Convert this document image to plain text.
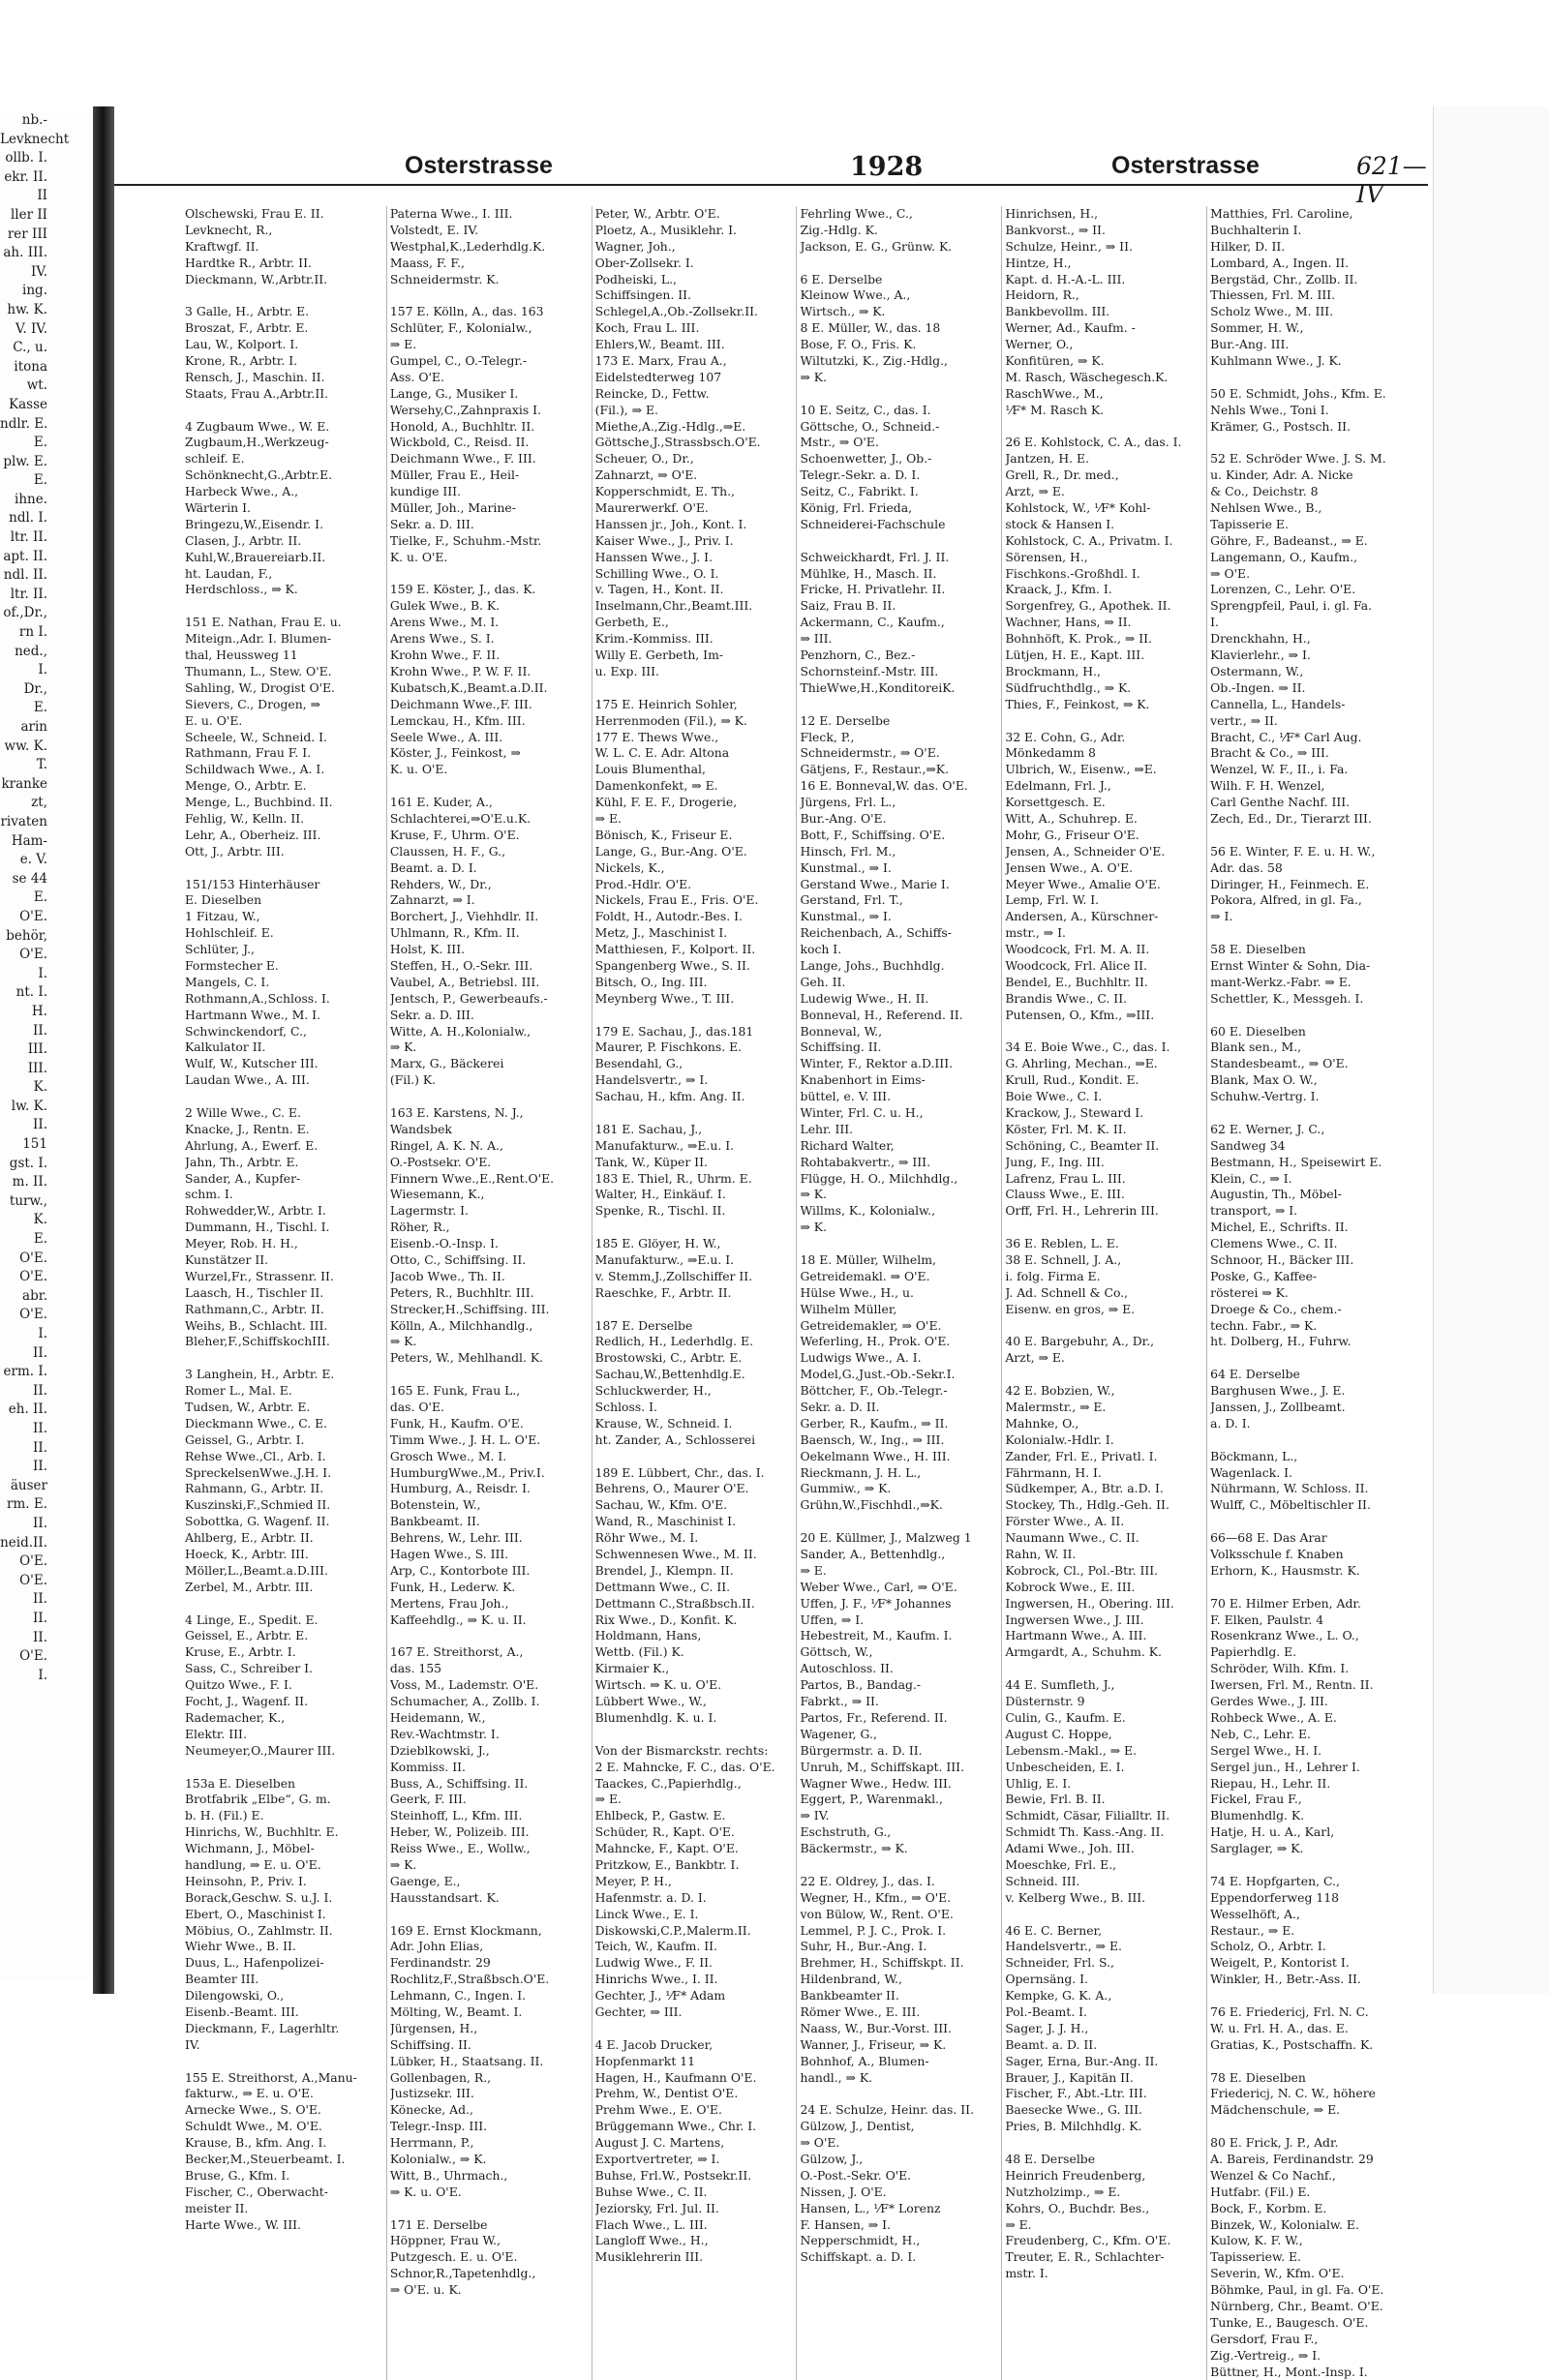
nb.-
Levknecht
ollb. I.
ekr. II.
II
ller II
rer III
ah. III.
IV.
ing.
hw. K.
V. IV.
C., u.
itona
wt.
Kasse
ndlr. E.
E.
plw. E.
E.
ihne.
ndl. I.
ltr. II.
apt. II.
ndl. II.
ltr. II.
of.,Dr.,
rn I.
ned.,
I.
Dr.,
E.
arin
ww. K.
T.
kranke
zt,
rivaten
Ham-
e. V.
se 44
E.
O'E.
behör,
O'E.
I.
nt. I.
H.
II.
III.
III.
K.
lw. K.
II.
151
gst. I.
m. II.
turw.,
K.
E.
O'E.
O'E.
abr.
O'E.
I.
II.
erm. I.
II.
eh. II.
II.
II.
II.
äuser
rm. E.
II.
neid.II.
O'E.
O'E.
II.
II.
II.
O'E.
I.
Osterstrasse	1928	Osterstrasse	621—IV
Olschewski, Frau E. II.
Levknecht, R.,
Kraftwgf. II.
Hardtke R., Arbtr. II.
Dieckmann, W.,Arbtr.II.
3 Galle, H., Arbtr. E.
Broszat, F., Arbtr. E.
Lau, W., Kolport. I.
Krone, R., Arbtr. I.
Rensch, J., Maschin. II.
Staats, Frau A.,Arbtr.II.
4 Zugbaum Wwe., W. E.
Zugbaum,H.,Werkzeug-
schleif. E.
Schönknecht,G.,Arbtr.E.
Harbeck Wwe., A.,
Wärterin I.
Bringezu,W.,Eisendr. I.
Clasen, J., Arbtr. II.
Kuhl,W.,Brauereiarb.II.
ht. Laudan, F.,
Herdschloss., ⇒ K.
151 E. Nathan, Frau E. u.
Miteign.,Adr. I. Blumen-
thal, Heussweg 11
Thumann, L., Stew. O'E.
Sahling, W., Drogist O'E.
Sievers, C., Drogen, ⇒
E. u. O'E.
Scheele, W., Schneid. I.
Rathmann, Frau F. I.
Schildwach Wwe., A. I.
Menge, O., Arbtr. E.
Menge, L., Buchbind. II.
Fehlig, W., Kelln. II.
Lehr, A., Oberheiz. III.
Ott, J., Arbtr. III.
151/153 Hinterhäuser
E. Dieselben
1 Fitzau, W.,
Hohlschleif. E.
Schlüter, J.,
Formstecher E.
Mangels, C. I.
Rothmann,A.,Schloss. I.
Hartmann Wwe., M. I.
Schwinckendorf, C.,
Kalkulator II.
Wulf, W., Kutscher III.
Laudan Wwe., A. III.
2 Wille Wwe., C. E.
Knacke, J., Rentn. E.
Ahrlung, A., Ewerf. E.
Jahn, Th., Arbtr. E.
Sander, A., Kupfer-
schm. I.
Rohwedder,W., Arbtr. I.
Dummann, H., Tischl. I.
Meyer, Rob. H. H.,
Kunstätzer II.
Wurzel,Fr., Strassenr. II.
Laasch, H., Tischler II.
Rathmann,C., Arbtr. II.
Weihs, B., Schlacht. III.
Bleher,F.,SchiffskochIII.
3 Langhein, H., Arbtr. E.
Romer L., Mal. E.
Tudsen, W., Arbtr. E.
Dieckmann Wwe., C. E.
Geissel, G., Arbtr. I.
Rehse Wwe.,Cl., Arb. I.
SpreckelsenWwe.,J.H. I.
Rahmann, G., Arbtr. II.
Kuszinski,F.,Schmied II.
Sobottka, G. Wagenf. II.
Ahlberg, E., Arbtr. II.
Hoeck, K., Arbtr. III.
Möller,L.,Beamt.a.D.III.
Zerbel, M., Arbtr. III.
4 Linge, E., Spedit. E.
Geissel, E., Arbtr. E.
Kruse, E., Arbtr. I.
Sass, C., Schreiber I.
Quitzo Wwe., F. I.
Focht, J., Wagenf. II.
Rademacher, K.,
Elektr. III.
Neumeyer,O.,Maurer III.
153a E. Dieselben
Brotfabrik „Elbe“, G. m.
b. H. (Fil.) E.
Hinrichs, W., Buchhltr. E.
Wichmann, J., Möbel-
handlung, ⇒ E. u. O'E.
Heinsohn, P., Priv. I.
Borack,Geschw. S. u.J. I.
Ebert, O., Maschinist I.
Möbius, O., Zahlmstr. II.
Wiehr Wwe., B. II.
Duus, L., Hafenpolizei-
Beamter III.
Dilengowski, O.,
Eisenb.-Beamt. III.
Dieckmann, F., Lagerhltr.
IV.
155 E. Streithorst, A.,Manu-
fakturw., ⇒ E. u. O'E.
Arnecke Wwe., S. O'E.
Schuldt Wwe., M. O'E.
Krause, B., kfm. Ang. I.
Becker,M.,Steuerbeamt. I.
Bruse, G., Kfm. I.
Fischer, C., Oberwacht-
meister II.
Harte Wwe., W. III.
Paterna Wwe., I. III.
Volstedt, E. IV.
Westphal,K.,Lederhdlg.K.
Maass, F. F.,
Schneidermstr. K.
157 E. Kölln, A., das. 163
Schlüter, F., Kolonialw.,
⇒ E.
Gumpel, C., O.-Telegr.-
Ass. O'E.
Lange, G., Musiker I.
Wersehy,C.,Zahnpraxis I.
Honold, A., Buchhltr. II.
Wickbold, C., Reisd. II.
Deichmann Wwe., F. III.
Müller, Frau E., Heil-
kundige III.
Müller, Joh., Marine-
Sekr. a. D. III.
Tielke, F., Schuhm.-Mstr.
K. u. O'E.
159 E. Köster, J., das. K.
Gulek Wwe., B. K.
Arens Wwe., M. I.
Arens Wwe., S. I.
Krohn Wwe., F. II.
Krohn Wwe., P. W. F. II.
Kubatsch,K.,Beamt.a.D.II.
Deichmann Wwe.,F. III.
Lemckau, H., Kfm. III.
Seele Wwe., A. III.
Köster, J., Feinkost, ⇒
K. u. O'E.
161 E. Kuder, A.,
Schlachterei,⇒O'E.u.K.
Kruse, F., Uhrm. O'E.
Claussen, H. F., G.,
Beamt. a. D. I.
Rehders, W., Dr.,
Zahnarzt, ⇒ I.
Borchert, J., Viehhdlr. II.
Uhlmann, R., Kfm. II.
Holst, K. III.
Steffen, H., O.-Sekr. III.
Vaubel, A., Betriebsl. III.
Jentsch, P., Gewerbeaufs.-
Sekr. a. D. III.
Witte, A. H.,Kolonialw.,
⇒ K.
Marx, G., Bäckerei
(Fil.) K.
163 E. Karstens, N. J.,
Wandsbek
Ringel, A. K. N. A.,
O.-Postsekr. O'E.
Finnern Wwe.,E.,Rent.O'E.
Wiesemann, K.,
Lagermstr. I.
Röher, R.,
Eisenb.-O.-Insp. I.
Otto, C., Schiffsing. II.
Jacob Wwe., Th. II.
Peters, R., Buchhltr. III.
Strecker,H.,Schiffsing. III.
Kölln, A., Milchhandlg.,
⇒ K.
Peters, W., Mehlhandl. K.
165 E. Funk, Frau L.,
das. O'E.
Funk, H., Kaufm. O'E.
Timm Wwe., J. H. L. O'E.
Grosch Wwe., M. I.
HumburgWwe.,M., Priv.I.
Humburg, A., Reisdr. I.
Botenstein, W.,
Bankbeamt. II.
Behrens, W., Lehr. III.
Hagen Wwe., S. III.
Arp, C., Kontorbote III.
Funk, H., Lederw. K.
Mertens, Frau Joh.,
Kaffeehdlg., ⇒ K. u. II.
167 E. Streithorst, A.,
das. 155
Voss, M., Lademstr. O'E.
Schumacher, A., Zollb. I.
Heidemann, W.,
Rev.-Wachtmstr. I.
Dzieblkowski, J.,
Kommiss. II.
Buss, A., Schiffsing. II.
Geerk, F. III.
Steinhoff, L., Kfm. III.
Heber, W., Polizeib. III.
Reiss Wwe., E., Wollw.,
⇒ K.
Gaenge, E.,
Hausstandsart. K.
169 E. Ernst Klockmann,
Adr. John Elias,
Ferdinandstr. 29
Rochlitz,F.,Straßbsch.O'E.
Lehmann, C., Ingen. I.
Mölting, W., Beamt. I.
Jürgensen, H.,
Schiffsing. II.
Lübker, H., Staatsang. II.
Gollenbagen, R.,
Justizsekr. III.
Könecke, Ad.,
Telegr.-Insp. III.
Herrmann, P.,
Kolonialw., ⇒ K.
Witt, B., Uhrmach.,
⇒ K. u. O'E.
171 E. Derselbe
Höppner, Frau W.,
Putzgesch. E. u. O'E.
Schnor,R.,Tapetenhdlg.,
⇒ O'E. u. K.
Peter, W., Arbtr. O'E.
Ploetz, A., Musiklehr. I.
Wagner, Joh.,
Ober-Zollsekr. I.
Podheiski, L.,
Schiffsingen. II.
Schlegel,A.,Ob.-Zollsekr.II.
Koch, Frau L. III.
Ehlers,W., Beamt. III.
173 E. Marx, Frau A.,
Eidelstedterweg 107
Reincke, D., Fettw.
(Fil.), ⇒ E.
Miethe,A.,Zig.-Hdlg.,⇒E.
Göttsche,J.,Strassbsch.O'E.
Scheuer, O., Dr.,
Zahnarzt, ⇒ O'E.
Kopperschmidt, E. Th.,
Maurerwerkf. O'E.
Hanssen jr., Joh., Kont. I.
Kaiser Wwe., J., Priv. I.
Hanssen Wwe., J. I.
Schilling Wwe., O. I.
v. Tagen, H., Kont. II.
Inselmann,Chr.,Beamt.III.
Gerbeth, E.,
Krim.-Kommiss. III.
Willy E. Gerbeth, Im-
u. Exp. III.
175 E. Heinrich Sohler,
Herrenmoden (Fil.), ⇒ K.
177 E. Thews Wwe.,
W. L. C. E. Adr. Altona
Louis Blumenthal,
Damenkonfekt, ⇒ E.
Kühl, F. E. F., Drogerie,
⇒ E.
Bönisch, K., Friseur E.
Lange, G., Bur.-Ang. O'E.
Nickels, K.,
Prod.-Hdlr. O'E.
Nickels, Frau E., Fris. O'E.
Foldt, H., Autodr.-Bes. I.
Metz, J., Maschinist I.
Matthiesen, F., Kolport. II.
Spangenberg Wwe., S. II.
Bitsch, O., Ing. III.
Meynberg Wwe., T. III.
179 E. Sachau, J., das.181
Maurer, P. Fischkons. E.
Besendahl, G.,
Handelsvertr., ⇒ I.
Sachau, H., kfm. Ang. II.
181 E. Sachau, J.,
Manufakturw., ⇒E.u. I.
Tank, W., Küper II.
183 E. Thiel, R., Uhrm. E.
Walter, H., Einkäuf. I.
Spenke, R., Tischl. II.
185 E. Glöyer, H. W.,
Manufakturw., ⇒E.u. I.
v. Stemm,J.,Zollschiffer II.
Raeschke, F., Arbtr. II.
187 E. Derselbe
Redlich, H., Lederhdlg. E.
Brostowski, C., Arbtr. E.
Sachau,W.,Bettenhdlg.E.
Schluckwerder, H.,
Schloss. I.
Krause, W., Schneid. I.
ht. Zander, A., Schlosserei
189 E. Lübbert, Chr., das. I.
Behrens, O., Maurer O'E.
Sachau, W., Kfm. O'E.
Wand, R., Maschinist I.
Röhr Wwe., M. I.
Schwennesen Wwe., M. II.
Brendel, J., Klempn. II.
Dettmann Wwe., C. II.
Dettmann C.,Straßbsch.II.
Rix Wwe., D., Konfit. K.
Holdmann, Hans,
Wettb. (Fil.) K.
Kirmaier K.,
Wirtsch. ⇒ K. u. O'E.
Lübbert Wwe., W.,
Blumenhdlg. K. u. I.
Von der Bismarckstr. rechts:
2 E. Mahncke, F. C., das. O'E.
Taackes, C.,Papierhdlg.,
⇒ E.
Ehlbeck, P., Gastw. E.
Schüder, R., Kapt. O'E.
Mahncke, F., Kapt. O'E.
Pritzkow, E., Bankbtr. I.
Meyer, P. H.,
Hafenmstr. a. D. I.
Linck Wwe., E. I.
Diskowski,C.P.,Malerm.II.
Teich, W., Kaufm. II.
Ludwig Wwe., F. II.
Hinrichs Wwe., I. II.
Gechter, J., ⅟F* Adam
Gechter, ⇒ III.
4 E. Jacob Drucker,
Hopfenmarkt 11
Hagen, H., Kaufmann O'E.
Prehm, W., Dentist O'E.
Prehm Wwe., E. O'E.
Brüggemann Wwe., Chr. I.
August J. C. Martens,
Exportvertreter, ⇒ I.
Buhse, Frl.W., Postsekr.II.
Buhse Wwe., C. II.
Jeziorsky, Frl. Jul. II.
Flach Wwe., L. III.
Langloff Wwe., H.,
Musiklehrerin III.
Fehrling Wwe., C.,
Zig.-Hdlg. K.
Jackson, E. G., Grünw. K.
6 E. Derselbe
Kleinow Wwe., A.,
Wirtsch., ⇒ K.
8 E. Müller, W., das. 18
Bose, F. O., Fris. K.
Wiltutzki, K., Zig.-Hdlg.,
⇒ K.
10 E. Seitz, C., das. I.
Göttsche, O., Schneid.-
Mstr., ⇒ O'E.
Schoenwetter, J., Ob.-
Telegr.-Sekr. a. D. I.
Seitz, C., Fabrikt. I.
König, Frl. Frieda,
Schneiderei-Fachschule
Schweickhardt, Frl. J. II.
Mühlke, H., Masch. II.
Fricke, H. Privatlehr. II.
Saiz, Frau B. II.
Ackermann, C., Kaufm.,
⇒ III.
Penzhorn, C., Bez.-
Schornsteinf.-Mstr. III.
ThieWwe,H.,KonditoreiK.
12 E. Derselbe
Fleck, P.,
Schneidermstr., ⇒ O'E.
Gätjens, F., Restaur.,⇒K.
16 E. Bonneval,W. das. O'E.
Jürgens, Frl. L.,
Bur.-Ang. O'E.
Bott, F., Schiffsing. O'E.
Hinsch, Frl. M.,
Kunstmal., ⇒ I.
Gerstand Wwe., Marie I.
Gerstand, Frl. T.,
Kunstmal., ⇒ I.
Reichenbach, A., Schiffs-
koch I.
Lange, Johs., Buchhdlg.
Geh. II.
Ludewig Wwe., H. II.
Bonneval, H., Referend. II.
Bonneval, W.,
Schiffsing. II.
Winter, F., Rektor a.D.III.
Knabenhort in Eims-
büttel, e. V. III.
Winter, Frl. C. u. H.,
Lehr. III.
Richard Walter,
Rohtabakvertr., ⇒ III.
Flügge, H. O., Milchhdlg.,
⇒ K.
Willms, K., Kolonialw.,
⇒ K.
18 E. Müller, Wilhelm,
Getreidemakl. ⇒ O'E.
Hülse Wwe., H., u.
Wilhelm Müller,
Getreidemakler, ⇒ O'E.
Weferling, H., Prok. O'E.
Ludwigs Wwe., A. I.
Model,G.,Just.-Ob.-Sekr.I.
Böttcher, F., Ob.-Telegr.-
Sekr. a. D. II.
Gerber, R., Kaufm., ⇒ II.
Baensch, W., Ing., ⇒ III.
Oekelmann Wwe., H. III.
Rieckmann, J. H. L.,
Gummiw., ⇒ K.
Grühn,W.,Fischhdl.,⇒K.
20 E. Küllmer, J., Malzweg 1
Sander, A., Bettenhdlg.,
⇒ E.
Weber Wwe., Carl, ⇒ O'E.
Uffen, J. F., ⅟F* Johannes
Uffen, ⇒ I.
Hebestreit, M., Kaufm. I.
Göttsch, W.,
Autoschloss. II.
Partos, B., Bandag.-
Fabrkt., ⇒ II.
Partos, Fr., Referend. II.
Wagener, G.,
Bürgermstr. a. D. II.
Unruh, M., Schiffskapt. III.
Wagner Wwe., Hedw. III.
Eggert, P., Warenmakl.,
⇒ IV.
Eschstruth, G.,
Bäckermstr., ⇒ K.
22 E. Oldrey, J., das. I.
Wegner, H., Kfm., ⇒ O'E.
von Bülow, W., Rent. O'E.
Lemmel, P. J. C., Prok. I.
Suhr, H., Bur.-Ang. I.
Brehmer, H., Schiffskpt. II.
Hildenbrand, W.,
Bankbeamter II.
Römer Wwe., E. III.
Naass, W., Bur.-Vorst. III.
Wanner, J., Friseur, ⇒ K.
Bohnhof, A., Blumen-
handl., ⇒ K.
24 E. Schulze, Heinr. das. II.
Gülzow, J., Dentist,
⇒ O'E.
Gülzow, J.,
O.-Post.-Sekr. O'E.
Nissen, J. O'E.
Hansen, L., ⅟F* Lorenz
F. Hansen, ⇒ I.
Nepperschmidt, H.,
Schiffskapt. a. D. I.
Hinrichsen, H.,
Bankvorst., ⇒ II.
Schulze, Heinr., ⇒ II.
Hintze, H.,
Kapt. d. H.-A.-L. III.
Heidorn, R.,
Bankbevollm. III.
Werner, Ad., Kaufm. -
Werner, O.,
Konfitüren, ⇒ K.
M. Rasch, Wäschegesch.K.
RaschWwe., M.,
⅟F* M. Rasch K.
26 E. Kohlstock, C. A., das. I.
Jantzen, H. E.
Grell, R., Dr. med.,
Arzt, ⇒ E.
Kohlstock, W., ⅟F* Kohl-
stock & Hansen I.
Kohlstock, C. A., Privatm. I.
Sörensen, H.,
Fischkons.-Großhdl. I.
Kraack, J., Kfm. I.
Sorgenfrey, G., Apothek. II.
Wachner, Hans, ⇒ II.
Bohnhöft, K. Prok., ⇒ II.
Lütjen, H. E., Kapt. III.
Brockmann, H.,
Südfruchthdlg., ⇒ K.
Thies, F., Feinkost, ⇒ K.
32 E. Cohn, G., Adr.
Mönkedamm 8
Ulbrich, W., Eisenw., ⇒E.
Edelmann, Frl. J.,
Korsettgesch. E.
Witt, A., Schuhrep. E.
Mohr, G., Friseur O'E.
Jensen, A., Schneider O'E.
Jensen Wwe., A. O'E.
Meyer Wwe., Amalie O'E.
Lemp, Frl. W. I.
Andersen, A., Kürschner-
mstr., ⇒ I.
Woodcock, Frl. M. A. II.
Woodcock, Frl. Alice II.
Bendel, E., Buchhltr. II.
Brandis Wwe., C. II.
Putensen, O., Kfm., ⇒III.
34 E. Boie Wwe., C., das. I.
G. Ahrling, Mechan., ⇒E.
Krull, Rud., Kondit. E.
Boie Wwe., C. I.
Krackow, J., Steward I.
Köster, Frl. M. K. II.
Schöning, C., Beamter II.
Jung, F., Ing. III.
Lafrenz, Frau L. III.
Clauss Wwe., E. III.
Orff, Frl. H., Lehrerin III.
36 E. Reblen, L. E.
38 E. Schnell, J. A.,
i. folg. Firma E.
J. Ad. Schnell & Co.,
Eisenw. en gros, ⇒ E.
40 E. Bargebuhr, A., Dr.,
Arzt, ⇒ E.
42 E. Bobzien, W.,
Malermstr., ⇒ E.
Mahnke, O.,
Kolonialw.-Hdlr. I.
Zander, Frl. E., Privatl. I.
Fährmann, H. I.
Südkemper, A., Btr. a.D. I.
Stockey, Th., Hdlg.-Geh. II.
Förster Wwe., A. II.
Naumann Wwe., C. II.
Rahn, W. II.
Kobrock, Cl., Pol.-Btr. III.
Kobrock Wwe., E. III.
Ingwersen, H., Obering. III.
Ingwersen Wwe., J. III.
Hartmann Wwe., A. III.
Armgardt, A., Schuhm. K.
44 E. Sumfleth, J.,
Düsternstr. 9
Culin, G., Kaufm. E.
August C. Hoppe,
Lebensm.-Makl., ⇒ E.
Unbescheiden, E. I.
Uhlig, E. I.
Bewie, Frl. B. II.
Schmidt, Cäsar, Filialltr. II.
Schmidt Th. Kass.-Ang. II.
Adami Wwe., Joh. III.
Moeschke, Frl. E.,
Schneid. III.
v. Kelberg Wwe., B. III.
46 E. C. Berner,
Handelsvertr., ⇒ E.
Schneider, Frl. S.,
Opernsäng. I.
Kempke, G. K. A.,
Pol.-Beamt. I.
Sager, J. J. H.,
Beamt. a. D. II.
Sager, Erna, Bur.-Ang. II.
Brauer, J., Kapitän II.
Fischer, F., Abt.-Ltr. III.
Baesecke Wwe., G. III.
Pries, B. Milchhdlg. K.
48 E. Derselbe
Heinrich Freudenberg,
Nutzholzimp., ⇒ E.
Kohrs, O., Buchdr. Bes.,
⇒ E.
Freudenberg, C., Kfm. O'E.
Treuter, E. R., Schlachter-
mstr. I.
Matthies, Frl. Caroline,
Buchhalterin I.
Hilker, D. II.
Lombard, A., Ingen. II.
Bergstäd, Chr., Zollb. II.
Thiessen, Frl. M. III.
Scholz Wwe., M. III.
Sommer, H. W.,
Bur.-Ang. III.
Kuhlmann Wwe., J. K.
50 E. Schmidt, Johs., Kfm. E.
Nehls Wwe., Toni I.
Krämer, G., Postsch. II.
52 E. Schröder Wwe. J. S. M.
u. Kinder, Adr. A. Nicke
& Co., Deichstr. 8
Nehlsen Wwe., B.,
Tapisserie E.
Göhre, F., Badeanst., ⇒ E.
Langemann, O., Kaufm.,
⇒ O'E.
Lorenzen, C., Lehr. O'E.
Sprengpfeil, Paul, i. gl. Fa.
I.
Drenckhahn, H.,
Klavierlehr., ⇒ I.
Ostermann, W.,
Ob.-Ingen. ⇒ II.
Cannella, L., Handels-
vertr., ⇒ II.
Bracht, C., ⅟F* Carl Aug.
Bracht & Co., ⇒ III.
Wenzel, W. F., II., i. Fa.
Wilh. F. H. Wenzel,
Carl Genthe Nachf. III.
Zech, Ed., Dr., Tierarzt III.
56 E. Winter, F. E. u. H. W.,
Adr. das. 58
Diringer, H., Feinmech. E.
Pokora, Alfred, in gl. Fa.,
⇒ I.
58 E. Dieselben
Ernst Winter & Sohn, Dia-
mant-Werkz.-Fabr. ⇒ E.
Schettler, K., Messgeh. I.
60 E. Dieselben
Blank sen., M.,
Standesbeamt., ⇒ O'E.
Blank, Max O. W.,
Schuhw.-Vertrg. I.
62 E. Werner, J. C.,
Sandweg 34
Bestmann, H., Speisewirt E.
Klein, C., ⇒ I.
Augustin, Th., Möbel-
transport, ⇒ I.
Michel, E., Schrifts. II.
Clemens Wwe., C. II.
Schnoor, H., Bäcker III.
Poske, G., Kaffee-
rösterei ⇒ K.
Droege & Co., chem.-
techn. Fabr., ⇒ K.
ht. Dolberg, H., Fuhrw.
64 E. Derselbe
Barghusen Wwe., J. E.
Janssen, J., Zollbeamt.
a. D. I.
Böckmann, L.,
Wagenlack. I.
Nührmann, W. Schloss. II.
Wulff, C., Möbeltischler II.
66—68 E. Das Arar
Volksschule f. Knaben
Erhorn, K., Hausmstr. K.
70 E. Hilmer Erben, Adr.
F. Elken, Paulstr. 4
Rosenkranz Wwe., L. O.,
Papierhdlg. E.
Schröder, Wilh. Kfm. I.
Iwersen, Frl. M., Rentn. II.
Gerdes Wwe., J. III.
Rohbeck Wwe., A. E.
Neb, C., Lehr. E.
Sergel Wwe., H. I.
Sergel jun., H., Lehrer I.
Riepau, H., Lehr. II.
Fickel, Frau F.,
Blumenhdlg. K.
Hatje, H. u. A., Karl,
Sarglager, ⇒ K.
74 E. Hopfgarten, C.,
Eppendorferweg 118
Wesselhöft, A.,
Restaur., ⇒ E.
Scholz, O., Arbtr. I.
Weigelt, P., Kontorist I.
Winkler, H., Betr.-Ass. II.
76 E. Friedericj, Frl. N. C.
W. u. Frl. H. A., das. E.
Gratias, K., Postschaffn. K.
78 E. Dieselben
Friedericj, N. C. W., höhere
Mädchenschule, ⇒ E.
80 E. Frick, J. P., Adr.
A. Bareis, Ferdinandstr. 29
Wenzel & Co Nachf.,
Hutfabr. (Fil.) E.
Bock, F., Korbm. E.
Binzek, W., Kolonialw. E.
Kulow, K. F. W.,
Tapisseriew. E.
Severin, W., Kfm. O'E.
Böhmke, Paul, in gl. Fa. O'E.
Nürnberg, Chr., Beamt. O'E.
Tunke, E., Baugesch. O'E.
Gersdorf, Frau F.,
Zig.-Vertreig., ⇒ I.
Büttner, H., Mont.-Insp. I.
